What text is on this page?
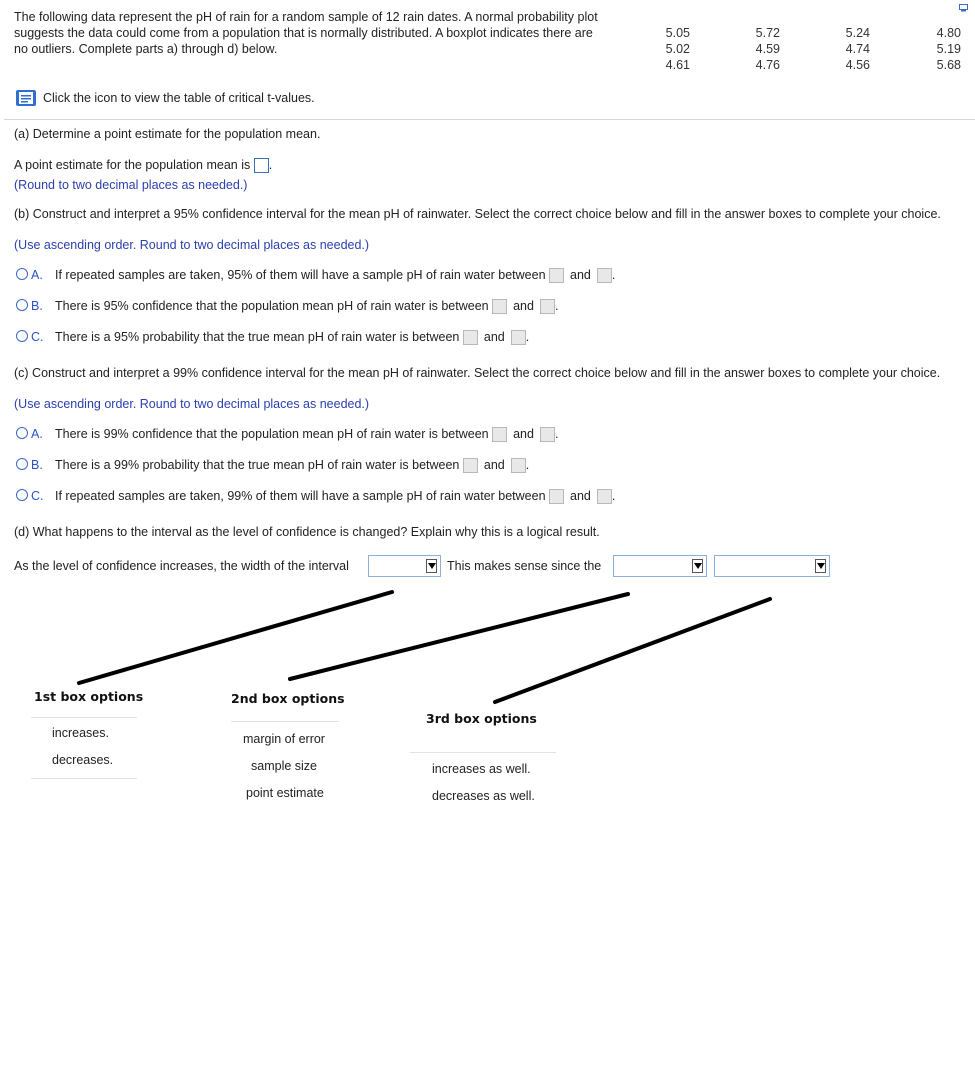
The following data represent the pH of rain for a random sample of 12 rain dates. A normal probability plot suggests the data could come from a population that is normally distributed. A boxplot indicates there are no outliers. Complete parts a) through d) below.
5.05
5.02
4.61
5.72
4.59
4.76
5.24
4.74
4.56
4.80
5.19
5.68
Click the icon to view the table of critical t-values.
(a) Determine a point estimate for the population mean.
A point estimate for the population mean is .
(Round to two decimal places as needed.)
(b) Construct and interpret a 95% confidence interval for the mean pH of rainwater. Select the correct choice below and fill in the answer boxes to complete your choice.
(Use ascending order. Round to two decimal places as needed.)
A. If repeated samples are taken, 95% of them will have a sample pH of rain water between and .
B. There is 95% confidence that the population mean pH of rain water is between and .
C. There is a 95% probability that the true mean pH of rain water is between and .
(c) Construct and interpret a 99% confidence interval for the mean pH of rainwater. Select the correct choice below and fill in the answer boxes to complete your choice.
(Use ascending order. Round to two decimal places as needed.)
A. There is 99% confidence that the population mean pH of rain water is between and .
B. There is a 99% probability that the true mean pH of rain water is between and .
C. If repeated samples are taken, 99% of them will have a sample pH of rain water between and .
(d) What happens to the interval as the level of confidence is changed? Explain why this is a logical result.
As the level of confidence increases, the width of the interval	This makes sense since the
1st box options
increases.
decreases.
2nd box options
margin of error
sample size
point estimate
3rd box options
increases as well.
decreases as well.
